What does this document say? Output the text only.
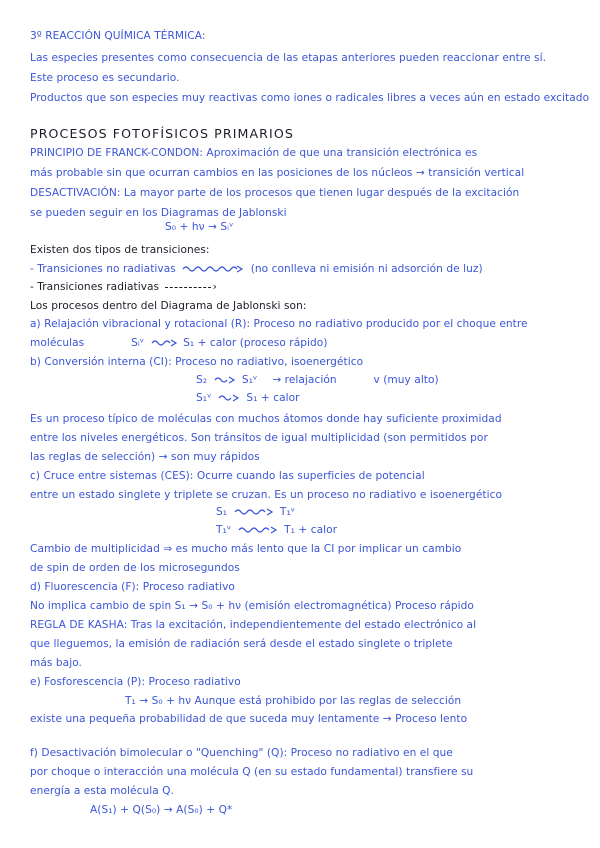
3º REACCIÓN QUÍMICA TÉRMICA:
Las especies presentes como consecuencia de las etapas anteriores pueden reaccionar entre sí.
Este proceso es secundario.
Productos que son especies muy reactivas como iones o radicales libres a veces aún en estado excitado
PROCESOS FOTOFÍSICOS PRIMARIOS
PRINCIPIO DE FRANCK-CONDON: Aproximación de que una transición electrónica es
más probable sin que ocurran cambios en las posiciones de los núcleos → transición vertical
DESACTIVACIÓN: La mayor parte de los procesos que tienen lugar después de la excitación
se pueden seguir en los Diagramas de Jablonski
Existen dos tipos de transiciones:
S₀ + hν → Sᵢᵛ
- Transiciones no radiativas	(no conlleva ni emisión ni adsorción de luz)
- Transiciones radiativas	›
Los procesos dentro del Diagrama de Jablonski son:
a) Relajación vibracional y rotacional (R): Proceso no radiativo producido por el choque entre
b) Conversión interna (CI): Proceso no radiativo, isoenergético
Es un proceso típico de moléculas con muchos átomos donde hay suficiente proximidad
entre los niveles energéticos. Son tránsitos de igual multiplicidad (son permitidos por
las reglas de selección) → son muy rápidos
c) Cruce entre sistemas (CES): Ocurre cuando las superficies de potencial
entre un estado singlete y triplete se cruzan. Es un proceso no radiativo e isoenergético
Cambio de multiplicidad ⇒ es mucho más lento que la CI por implicar un cambio
de spin de orden de los microsegundos
d) Fluorescencia (F): Proceso radiativo
No implica cambio de spin S₁ → S₀ + hν (emisión electromagnética) Proceso rápido
REGLA DE KASHA: Tras la excitación, independientemente del estado electrónico al
que lleguemos, la emisión de radiación será desde el estado singlete o triplete
más bajo.
e) Fosforescencia (P): Proceso radiativo
T₁ → S₀ + hν Aunque está prohibido por las reglas de selección
existe una pequeña probabilidad de que suceda muy lentamente → Proceso lento
f) Desactivación bimolecular o "Quenching" (Q): Proceso no radiativo en el que
por choque o interacción una molécula Q (en su estado fundamental) transfiere su
energía a esta molécula Q.
A(S₁) + Q(S₀) → A(S₀) + Q*
moléculas	Sᵢᵛ	S₁ + calor (proceso rápido)
S₂	S₁ᵛ → relajación	v (muy alto)
S₁ᵛ	S₁ + calor
S₁	T₁ᵛ
T₁ᵛ	T₁ + calor
